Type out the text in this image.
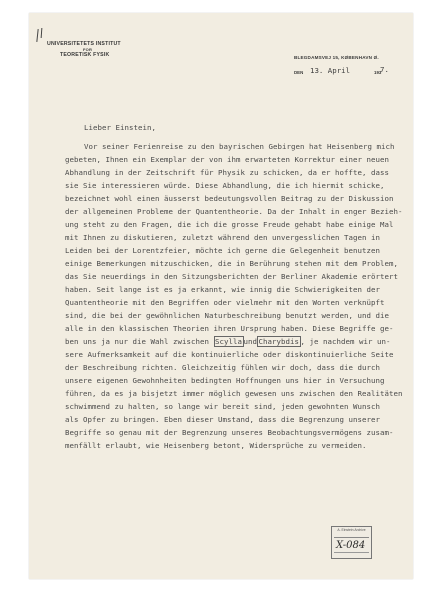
UNIVERSITETETS INSTITUT
FOR
TEORETISK FYSIK	BLEGDAMSVEJ 15, KØBENHAVN Ø.
DEN 13. April	193
7.
Lieber Einstein,
Vor seiner Ferienreise zu den bayrischen Gebirgen hat Heisenberg mich
gebeten, Ihnen ein Exemplar der von ihm erwarteten Korrektur einer neuen
Abhandlung in der Zeitschrift für Physik zu schicken, da er hoffte, dass
sie Sie interessieren würde. Diese Abhandlung, die ich hiermit schicke,
bezeichnet wohl einen äusserst bedeutungsvollen Beitrag zu der Diskussion
der allgemeinen Probleme der Quantentheorie. Da der Inhalt in enger Bezieh-
ung steht zu den Fragen, die ich die grosse Freude gehabt habe einige Mal
mit Ihnen zu diskutieren, zuletzt während den unvergesslichen Tagen in
Leiden bei der Lorentzfeier, möchte ich gerne die Gelegenheit benutzen
einige Bemerkungen mitzuschicken, die in Berührung stehen mit dem Problem,
das Sie neuerdings in den Sitzungsberichten der Berliner Akademie erörtert
haben. Seit lange ist es ja erkannt, wie innig die Schwierigkeiten der
Quantentheorie mit den Begriffen oder vielmehr mit den Worten verknüpft
sind, die bei der gewöhnlichen Naturbeschreibung benutzt werden, und die
alle in den klassischen Theorien ihren Ursprung haben. Diese Begriffe ge-
ben uns ja nur die Wahl zwischen Scylla und Charybdis , je nachdem wir un-
sere Aufmerksamkeit auf die kontinuierliche oder diskontinuierliche Seite
der Beschreibung richten. Gleichzeitig fühlen wir doch, dass die durch
unsere eigenen Gewohnheiten bedingten Hoffnungen uns hier in Versuchung
führen, da es ja bisjetzt immer möglich gewesen uns zwischen den Realitäten
schwimmend zu halten, so lange wir bereit sind, jeden gewohnten Wunsch
als Opfer zu bringen. Eben dieser Umstand, dass die Begrenzung unserer
Begriffe so genau mit der Begrenzung unseres Beobachtungsvermögens zusam-
menfällt erlaubt, wie Heisenberg betont, Widersprüche zu vermeiden.
A. Einstein Archive
X-084
